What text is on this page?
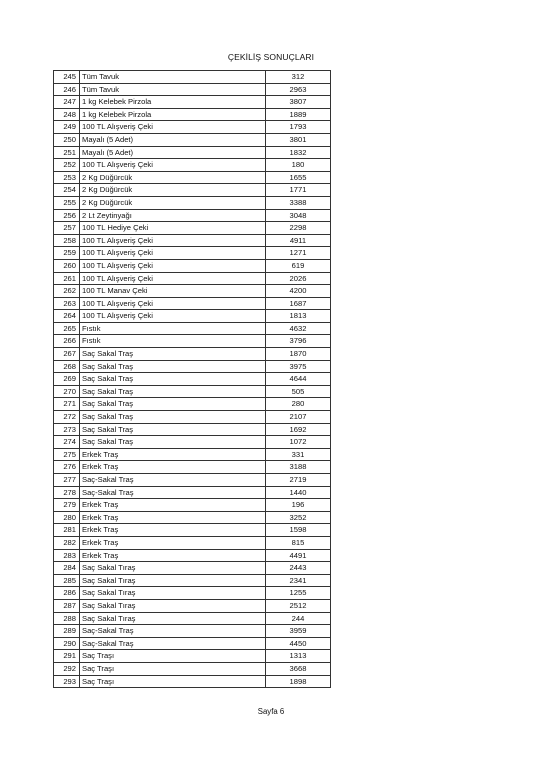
ÇEKİLİŞ SONUÇLARI
245	Tüm Tavuk	312
246	Tüm Tavuk	2963
247	1 kg Kelebek Pirzola	3807
248	1 kg Kelebek Pirzola	1889
249	100 TL Alışveriş Çeki	1793
250	Mayalı (5 Adet)	3801
251	Mayalı (5 Adet)	1832
252	100 TL Alışveriş Çeki	180
253	2 Kg Düğürcük	1655
254	2 Kg Düğürcük	1771
255	2 Kg Düğürcük	3388
256	2 Lt Zeytinyağı	3048
257	100 TL Hediye Çeki	2298
258	100 TL Alışveriş Çeki	4911
259	100 TL Alışveriş Çeki	1271
260	100 TL Alışveriş Çeki	619
261	100 TL Alışveriş Çeki	2026
262	100 TL Manav Çeki	4200
263	100 TL Alışveriş Çeki	1687
264	100 TL Alışveriş Çeki	1813
265	Fıstık	4632
266	Fıstık	3796
267	Saç Sakal Traş	1870
268	Saç Sakal Traş	3975
269	Saç Sakal Traş	4644
270	Saç Sakal Traş	505
271	Saç Sakal Traş	280
272	Saç Sakal Traş	2107
273	Saç Sakal Traş	1692
274	Saç Sakal Traş	1072
275	Erkek Traş	331
276	Erkek Traş	3188
277	Saç-Sakal Traş	2719
278	Saç-Sakal Traş	1440
279	Erkek Traş	196
280	Erkek Traş	3252
281	Erkek Traş	1598
282	Erkek Traş	815
283	Erkek Traş	4491
284	Saç Sakal Tıraş	2443
285	Saç Sakal Tıraş	2341
286	Saç Sakal Tıraş	1255
287	Saç Sakal Tıraş	2512
288	Saç Sakal Tıraş	244
289	Saç-Sakal Traş	3959
290	Saç-Sakal Traş	4450
291	Saç Traşı	1313
292	Saç Traşı	3668
293	Saç Traşı	1898
Sayfa 6
